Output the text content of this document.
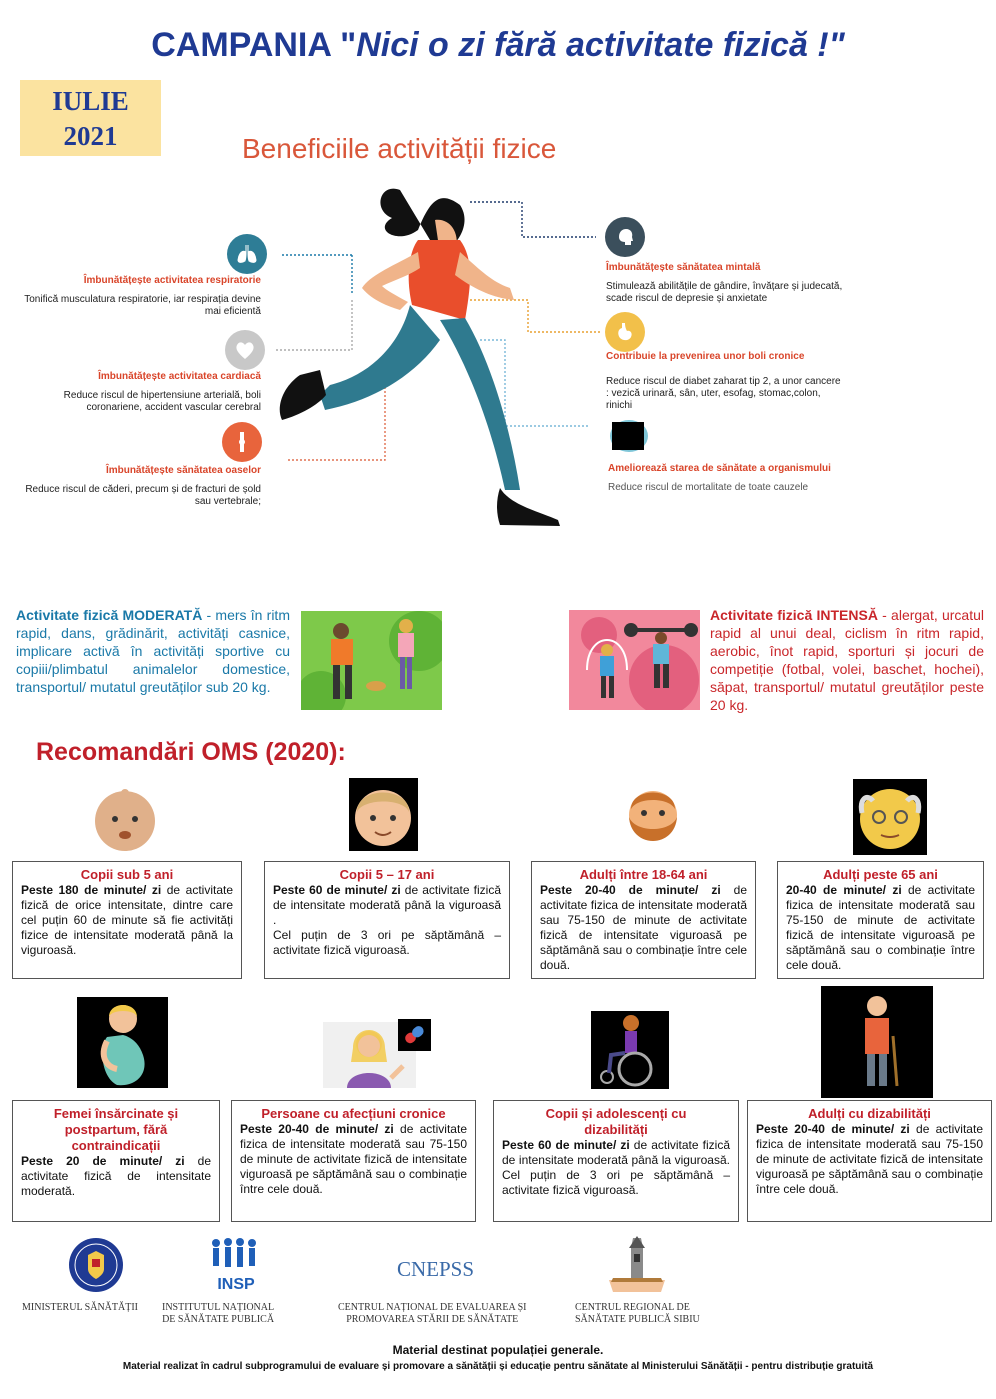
CAMPANIA "Nici o zi fără activitate fizică !"
IULIE
2021	Beneficiile activității fizice
Îmbunătățește activitatea respiratorie
Tonifică musculatura respiratorie, iar respirația devine mai eficientă
Îmbunătățește activitatea cardiacă
Reduce riscul de hipertensiune arterială, boli coronariene, accident vascular cerebral
Îmbunătățește sănătatea oaselor
Reduce riscul de căderi, precum și de fracturi de șold sau vertebrale;
Îmbunătățește sănătatea mintală
Stimulează abilitățile de gândire, învățare și judecată, scade riscul de depresie și anxietate
Contribuie la prevenirea unor boli cronice
Reduce riscul de diabet zaharat tip 2, a unor cancere : vezică urinară, sân, uter, esofag, stomac,colon, rinichi
Ameliorează starea de sănătate a organismului
Reduce riscul de mortalitate de toate cauzele
Activitate fizică MODERATĂ - mers în ritm rapid, dans, grădinărit, activități casnice, implicare activă în activități sportive cu copiii/plimbatul animalelor domestice, transportul/ mutatul greutăților sub 20 kg.
Activitate fizică INTENSĂ - alergat, urcatul rapid al unui deal, ciclism în ritm rapid, aerobic, înot rapid, sporturi și jocuri de competiție (fotbal, volei, baschet, hochei), săpat, transportul/ mutatul greutăților peste 20 kg.
Recomandări OMS (2020):
Copii sub 5 ani
Peste 180 de minute/ zi de activitate fizică de orice intensitate, dintre care cel puțin 60 de minute să fie activități fizice de intensitate moderată până la viguroasă.
Copii 5 – 17 ani
Peste 60 de minute/ zi de activitate fizică de intensitate moderată până la viguroasă .
Cel puțin de 3 ori pe săptămână – activitate fizică viguroasă.
Adulți între 18-64 ani
Peste 20-40 de minute/ zi de activitate fizica de intensitate moderată sau 75-150 de minute de activitate fizică de intensitate viguroasă pe săptămână sau o combinație între cele două.
Adulți peste 65 ani
20-40 de minute/ zi de activitate fizica de intensitate moderată sau 75-150 de minute de activitate fizică de intensitate viguroasă pe săptămână sau o combinație între cele două.
Femei însărcinate și postpartum, fără contraindicații
Peste 20 de minute/ zi de activitate fizică de intensitate moderată.
Persoane cu afecțiuni cronice
Peste 20-40 de minute/ zi de activitate fizica de intensitate moderată sau 75-150 de minute de activitate fizică de intensitate viguroasă pe săptămână sau o combinație între cele două.
Copii și adolescenți cu dizabilități
Peste 60 de minute/ zi de activitate fizică de intensitate moderată până la viguroasă. Cel puțin de 3 ori pe săptămână – activitate fizică viguroasă.
Adulți cu dizabilități
Peste 20-40 de minute/ zi de activitate fizica de intensitate moderată sau 75-150 de minute de activitate fizică de intensitate viguroasă pe săptămână sau o combinație între cele două.
MINISTERUL SĂNĂTĂȚII
INSP
INSTITUTUL NAȚIONAL
DE SĂNĂTATE PUBLICĂ
CNEPSS
CENTRUL NAȚIONAL DE EVALUAREA ȘI
PROMOVAREA STĂRII DE SĂNĂTATE
CENTRUL REGIONAL DE
SĂNĂTATE PUBLICĂ SIBIU
Material destinat populației generale.
Material realizat în cadrul subprogramului de evaluare și promovare a sănătății și educație pentru sănătate al Ministerului Sănătății - pentru distribuție gratuită
